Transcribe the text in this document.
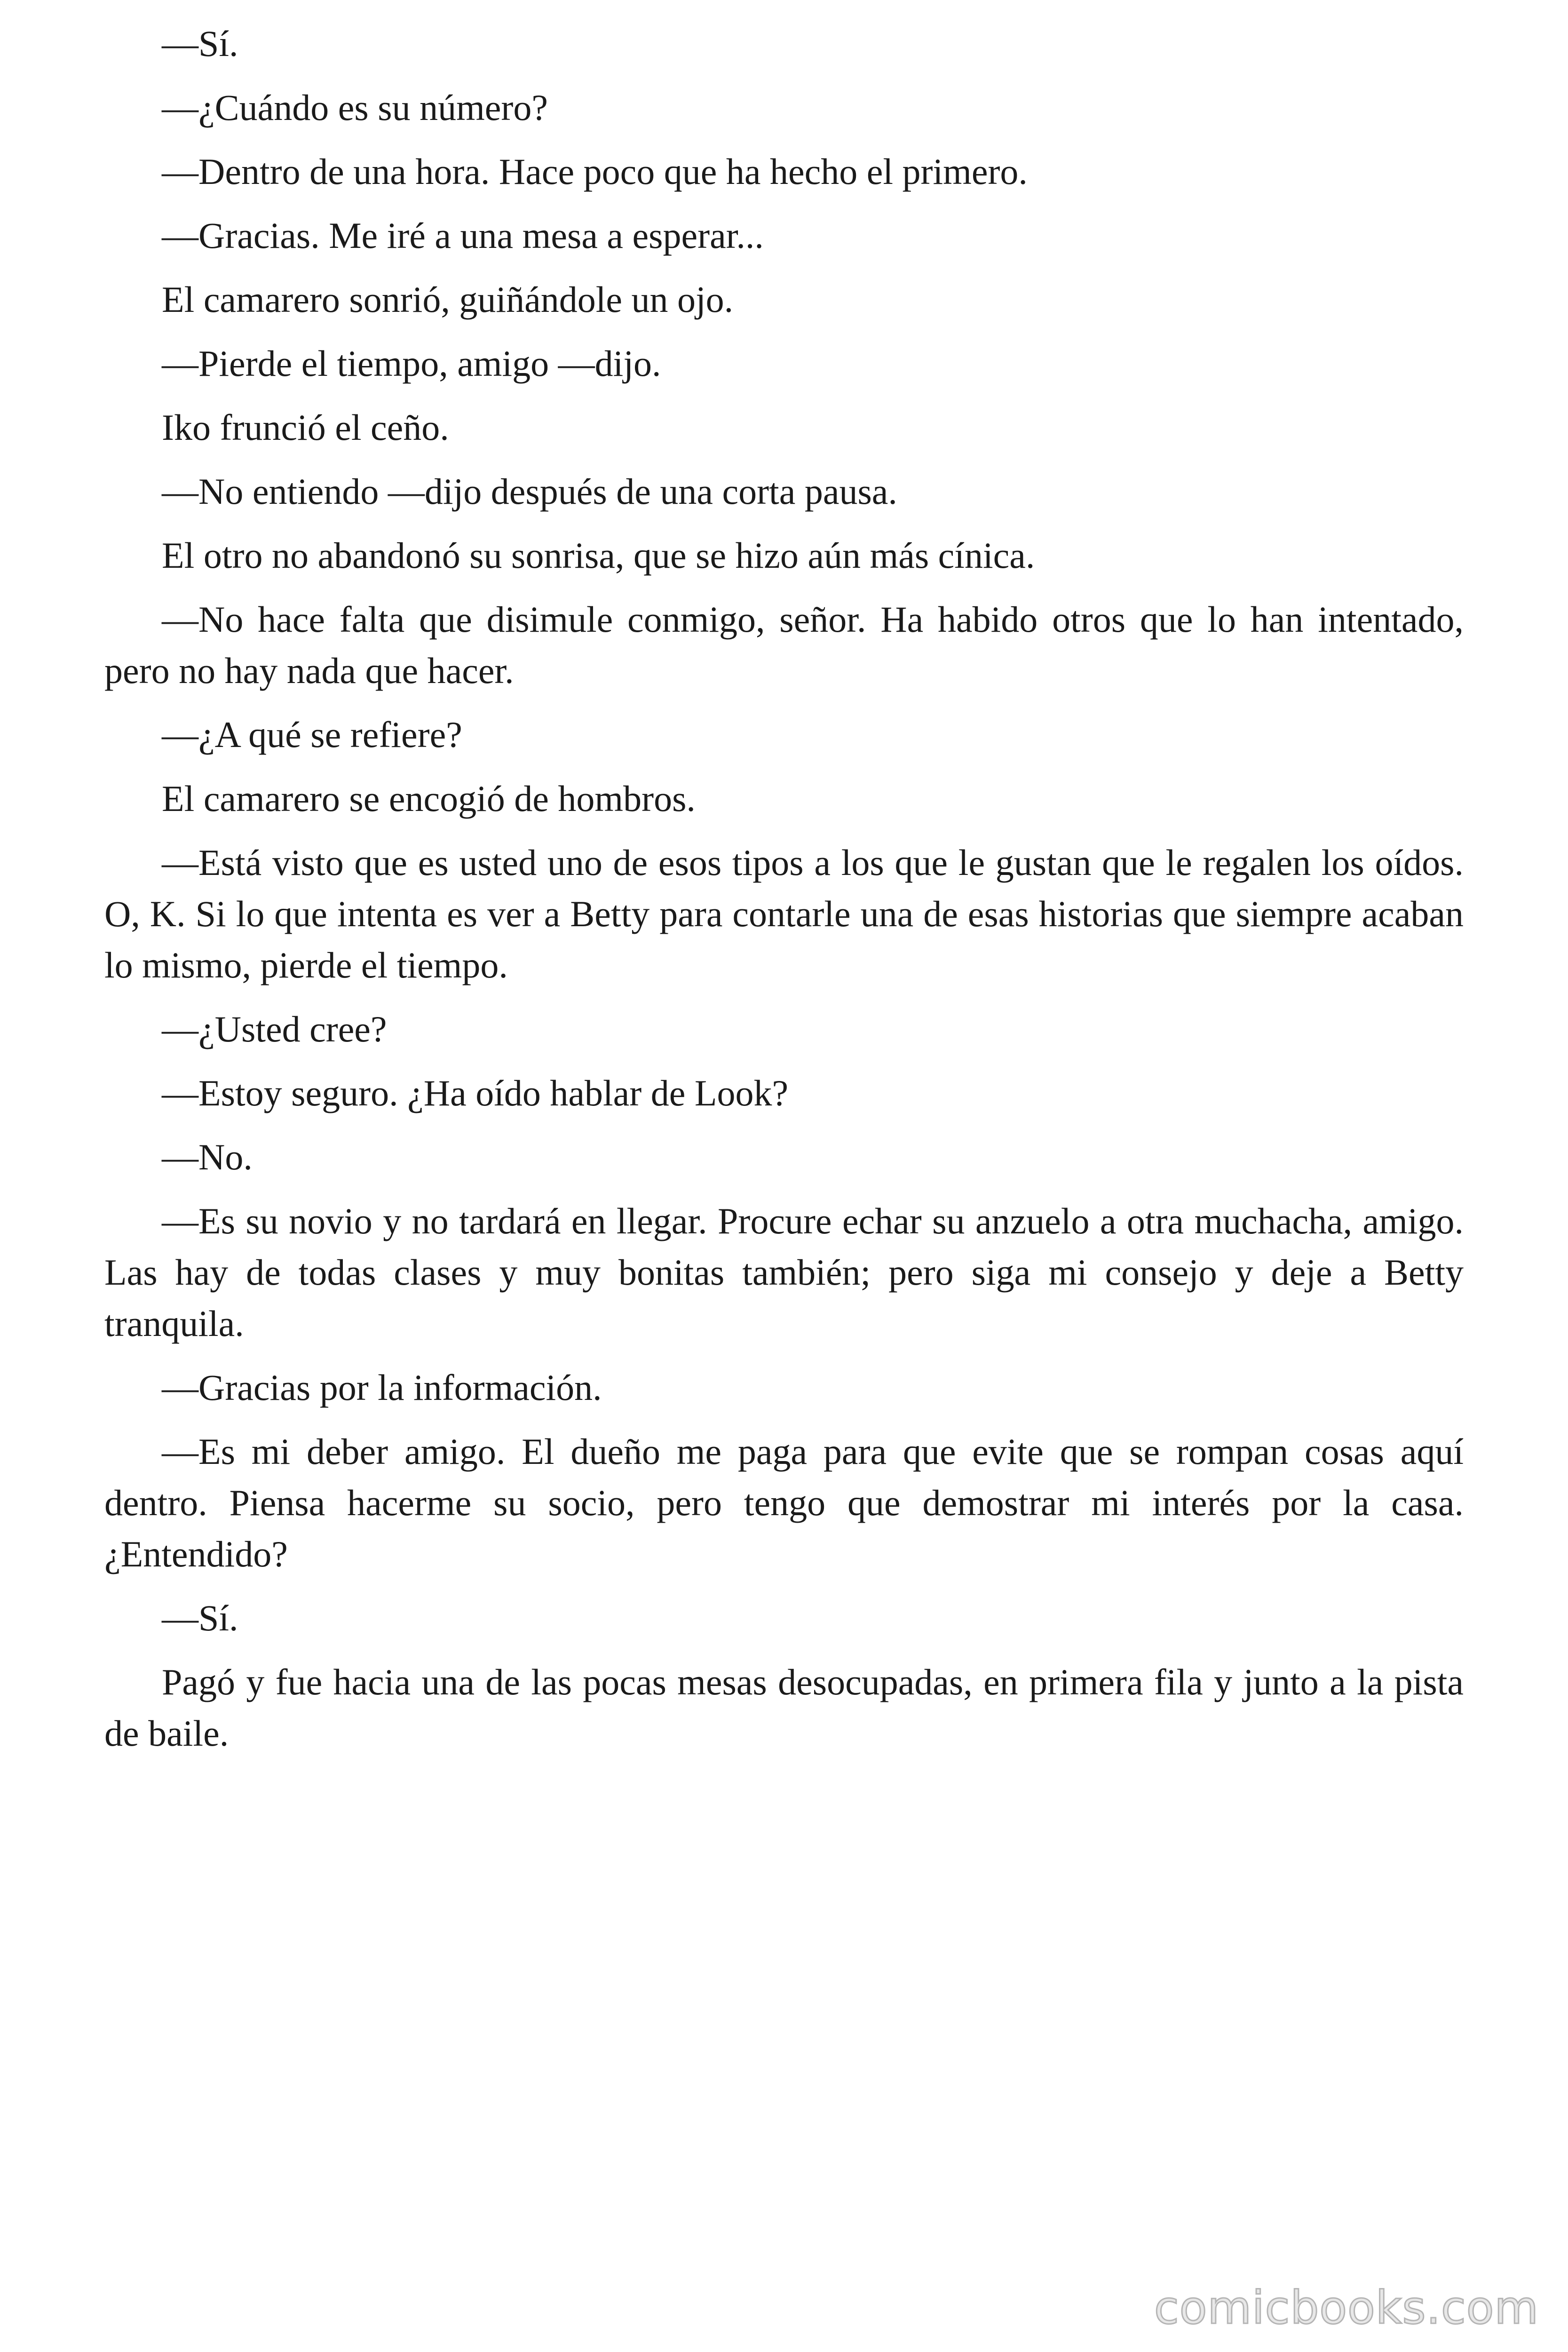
—Sí.

—¿Cuándo es su número?

—Dentro de una hora. Hace poco que ha hecho el primero.

—Gracias. Me iré a una mesa a esperar...

El camarero sonrió, guiñándole un ojo.

—Pierde el tiempo, amigo —dijo.

Iko frunció el ceño.

—No entiendo —dijo después de una corta pausa.

El otro no abandonó su sonrisa, que se hizo aún más cínica.

—No hace falta que disimule conmigo, señor. Ha habido otros que lo han intentado, pero no hay nada que hacer.

—¿A qué se refiere?

El camarero se encogió de hombros.

—Está visto que es usted uno de esos tipos a los que le gustan que le regalen los oídos. O, K. Si lo que intenta es ver a Betty para contarle una de esas historias que siempre acaban lo mismo, pierde el tiempo.

—¿Usted cree?

—Estoy seguro. ¿Ha oído hablar de Look?

—No.

—Es su novio y no tardará en llegar. Procure echar su anzuelo a otra muchacha, amigo. Las hay de todas clases y muy bonitas también; pero siga mi consejo y deje a Betty tranquila.

—Gracias por la información.

—Es mi deber amigo. El dueño me paga para que evite que se rompan cosas aquí dentro. Piensa hacerme su socio, pero tengo que demostrar mi interés por la casa. ¿Entendido?

—Sí.

Pagó y fue hacia una de las pocas mesas desocupadas, en primera fila y junto a la pista de baile.

comicbooks.com
